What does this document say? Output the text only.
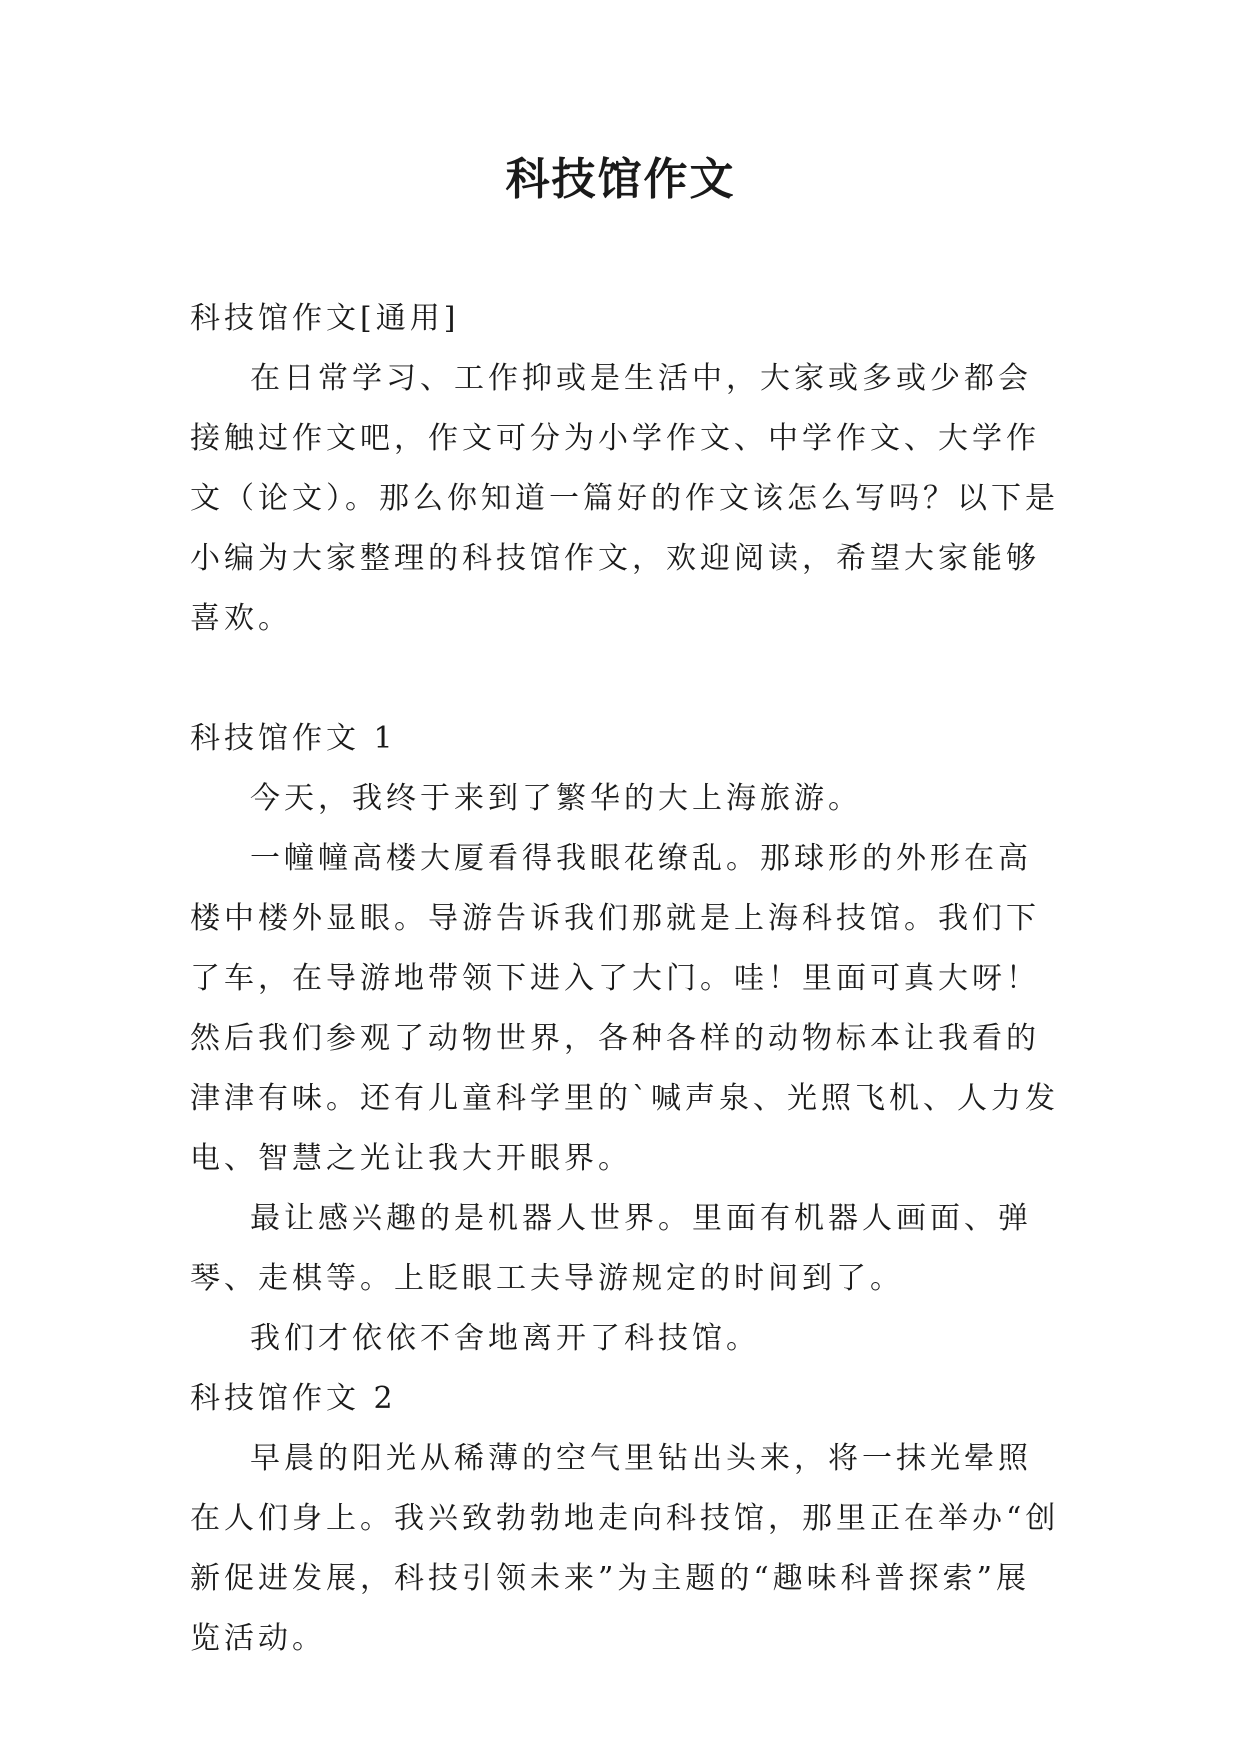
科技馆作文

科技馆作文[通用]

在日常学习、工作抑或是生活中，大家或多或少都会接触过作文吧，作文可分为小学作文、中学作文、大学作文（论文）。那么你知道一篇好的作文该怎么写吗？以下是小编为大家整理的科技馆作文，欢迎阅读，希望大家能够喜欢。

科技馆作文 1

今天，我终于来到了繁华的大上海旅游。

一幢幢高楼大厦看得我眼花缭乱。那球形的外形在高楼中楼外显眼。导游告诉我们那就是上海科技馆。我们下了车，在导游地带领下进入了大门。哇！里面可真大呀！然后我们参观了动物世界，各种各样的动物标本让我看的津津有味。还有儿童科学里的`喊声泉、光照飞机、人力发电、智慧之光让我大开眼界。

最让感兴趣的是机器人世界。里面有机器人画面、弹琴、走棋等。上眨眼工夫导游规定的时间到了。

我们才依依不舍地离开了科技馆。

科技馆作文 2

早晨的阳光从稀薄的空气里钻出头来，将一抹光晕照在人们身上。我兴致勃勃地走向科技馆，那里正在举办“创新促进发展，科技引领未来”为主题的“趣味科普探索”展览活动。
